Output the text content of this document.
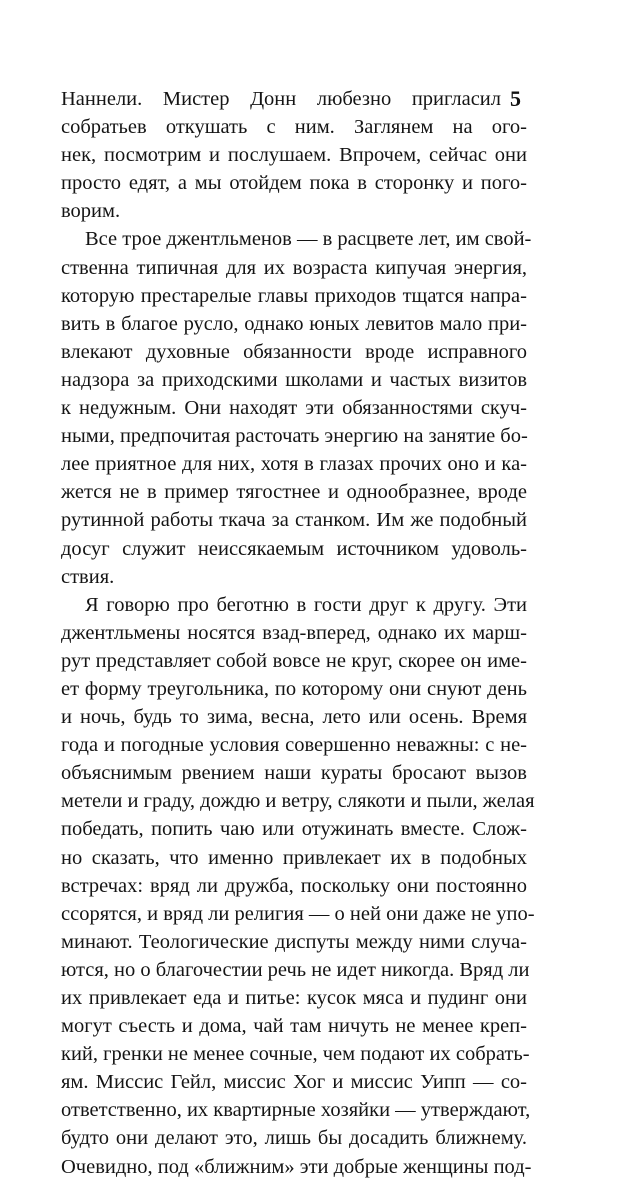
5
Наннели. Мистер Донн любезно пригласил
собратьев откушать с ним. Заглянем на ого-
нек, посмотрим и послушаем. Впрочем, сейчас они
просто едят, а мы отойдем пока в сторонку и пого-
ворим.
Все трое джентльменов — в расцвете лет, им свой-
ственна типичная для их возраста кипучая энергия,
которую престарелые главы приходов тщатся напра-
вить в благое русло, однако юных левитов мало при-
влекают духовные обязанности вроде исправного
надзора за приходскими школами и частых визитов
к недужным. Они находят эти обязанностями скуч-
ными, предпочитая расточать энергию на занятие бо-
лее приятное для них, хотя в глазах прочих оно и ка-
жется не в пример тягостнее и однообразнее, вроде
рутинной работы ткача за станком. Им же подобный
досуг служит неиссякаемым источником удоволь-
ствия.
Я говорю про беготню в гости друг к другу. Эти
джентльмены носятся взад-вперед, однако их марш-
рут представляет собой вовсе не круг, скорее он име-
ет форму треугольника, по которому они снуют день
и ночь, будь то зима, весна, лето или осень. Время
года и погодные условия совершенно неважны: с не-
объяснимым рвением наши кураты бросают вызов
метели и граду, дождю и ветру, слякоти и пыли, желая
победать, попить чаю или отужинать вместе. Слож-
но сказать, что именно привлекает их в подобных
встречах: вряд ли дружба, поскольку они постоянно
ссорятся, и вряд ли религия — о ней они даже не упо-
минают. Теологические диспуты между ними случа-
ются, но о благочестии речь не идет никогда. Вряд ли
их привлекает еда и питье: кусок мяса и пудинг они
могут съесть и дома, чай там ничуть не менее креп-
кий, гренки не менее сочные, чем подают их собрать-
ям. Миссис Гейл, миссис Хог и миссис Уипп — со-
ответственно, их квартирные хозяйки — утверждают,
будто они делают это, лишь бы досадить ближнему.
Очевидно, под «ближним» эти добрые женщины под-
